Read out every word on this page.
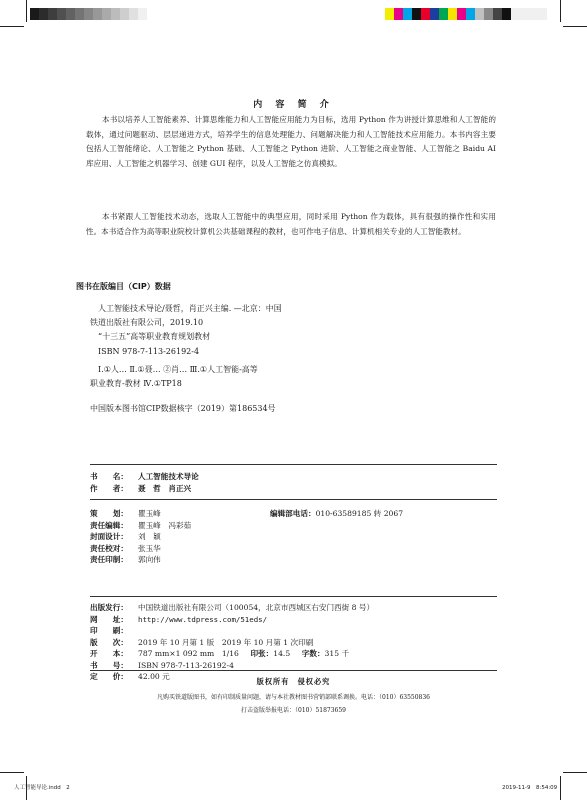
内 容 简 介

本书以培养人工智能素养、计算思维能力和人工智能应用能力为目标，选用 Python 作为讲授计算思维和人工智能的载体，通过问题驱动、层层递进方式，培养学生的信息处理能力、问题解决能力和人工智能技术应用能力。本书内容主要包括人工智能绪论、人工智能之 Python 基础、人工智能之 Python 进阶、人工智能之商业智能、人工智能之 Baidu AI 库应用、人工智能之机器学习、创建 GUI 程序，以及人工智能之仿真模拟。

本书紧跟人工智能技术动态，选取人工智能中的典型应用，同时采用 Python 作为载体，具有很强的操作性和实用性。本书适合作为高等职业院校计算机公共基础课程的教材，也可作电子信息、计算机相关专业的人工智能教材。

图书在版编目（CIP）数据
人工智能技术导论/聂哲，肖正兴主编. —北京：中国
铁道出版社有限公司，2019.10
“十三五”高等职业教育规划教材
ISBN 978-7-113-26192-4
Ⅰ.①人… Ⅱ.①聂… ②肖… Ⅲ.①人工智能-高等
职业教育-教材 Ⅳ.①TP18
中国版本图书馆CIP数据核字（2019）第186534号
书　　名：	人工智能技术导论
作　　者：	聂　哲　肖正兴
策　　划：	瞿玉峰
责任编辑：	瞿玉峰　冯彩茹
封面设计：	刘　颖
责任校对：	张玉华
责任印制：	郭向伟
编辑部电话：010-63589185 转 2067
出版发行：	中国铁道出版社有限公司（100054，北京市西城区右安门西街 8 号）
网　　址：	http://www.tdpress.com/51eds/
印　　刷：
版　　次：	2019 年 10 月第 1 版　2019 年 10 月第 1 次印刷
开　　本：	787 mm×1 092 mm　1/16　 印张： 14.5　 字数： 315 千
书　　号：	ISBN 978-7-113-26192-4
定　　价：	42.00 元
版权所有　侵权必究
凡购买铁道版图书，如有印制质量问题，请与本社教材图书营销部联系调换。电话：（010）63550836
打击盗版举报电话：（010）51873659
人工智能导论.indd　2	2019-11-9　8:54:09
